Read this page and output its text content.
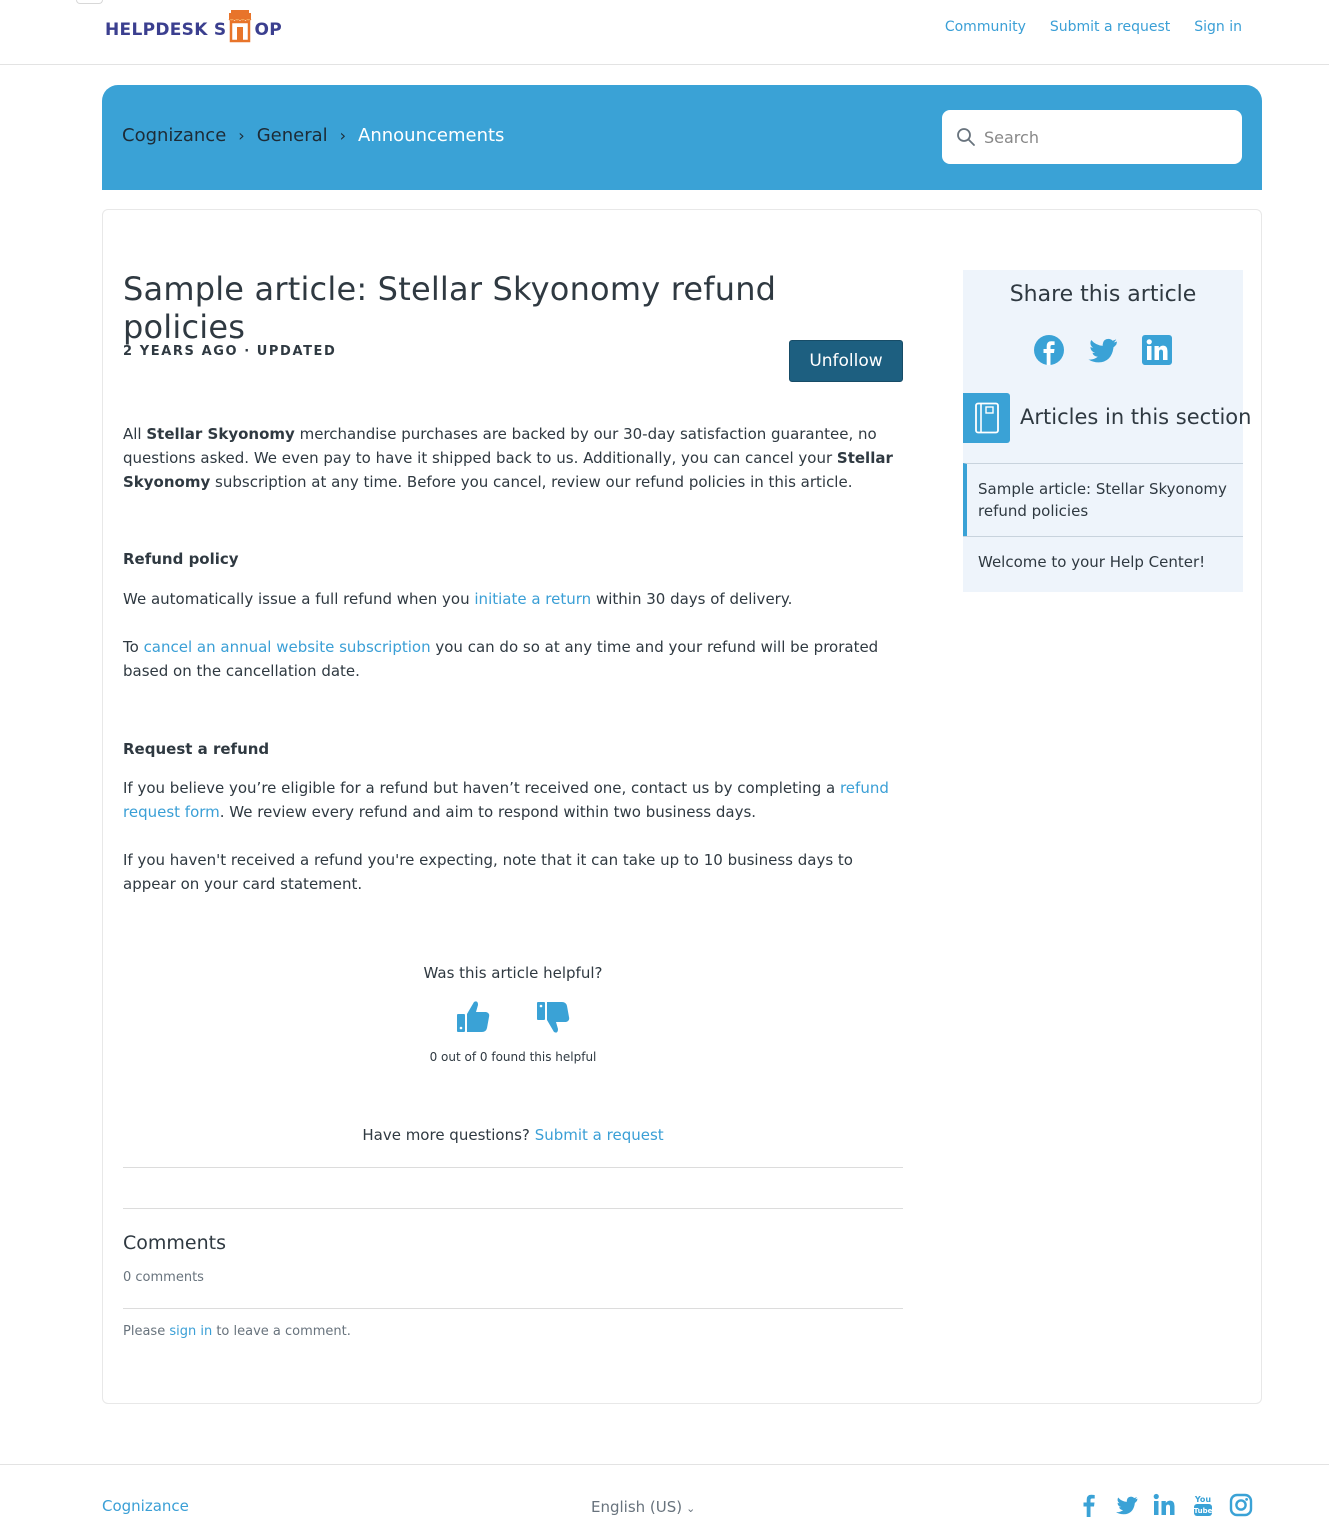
HELPDESK S OP	Community Submit a request Sign in
Cognizance › General › Announcements
Search
Sample article: Stellar Skyonomy refund policies
2 YEARS AGO · UPDATED	Unfollow

All Stellar Skyonomy merchandise purchases are backed by our 30-day satisfaction guarantee, no questions asked. We even pay to have it shipped back to us. Additionally, you can cancel your Stellar Skyonomy subscription at any time. Before you cancel, review our refund policies in this article.

Refund policy

We automatically issue a full refund when you initiate a return within 30 days of delivery.

To cancel an annual website subscription you can do so at any time and your refund will be prorated based on the cancellation date.

Request a refund

If you believe you’re eligible for a refund but haven’t received one, contact us by completing a refund request form. We review every refund and aim to respond within two business days.

If you haven't received a refund you're expecting, note that it can take up to 10 business days to appear on your card statement.

Was this article helpful?
0 out of 0 found this helpful
Have more questions? Submit a request
Comments
0 comments
Please sign in to leave a comment.
Share this article
Articles in this section
Sample article: Stellar Skyonomy refund policies
Welcome to your Help Center!
Cognizance	English (US) ⌄
You
Tube
